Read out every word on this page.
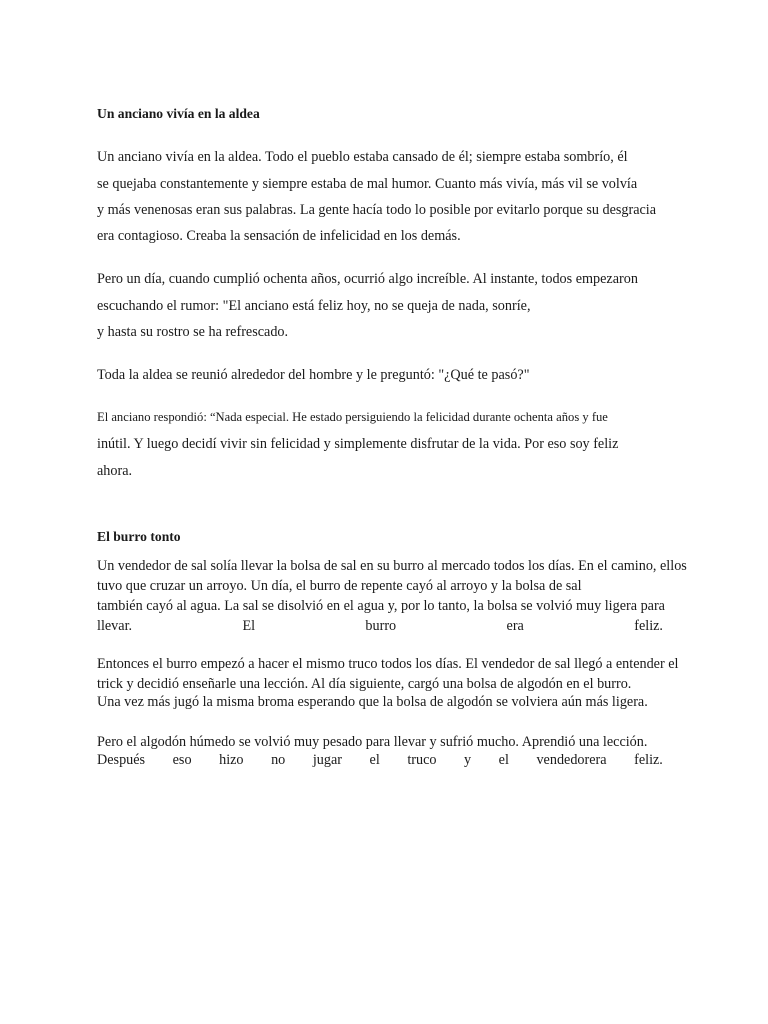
Un anciano vivía en la aldea
Un anciano vivía en la aldea. Todo el pueblo estaba cansado de él; siempre estaba sombrío, él
se quejaba constantemente y siempre estaba de mal humor. Cuanto más vivía, más vil se volvía
y más venenosas eran sus palabras. La gente hacía todo lo posible por evitarlo porque su desgracia
era contagioso. Creaba la sensación de infelicidad en los demás.
Pero un día, cuando cumplió ochenta años, ocurrió algo increíble. Al instante, todos empezaron
escuchando el rumor: "El anciano está feliz hoy, no se queja de nada, sonríe,
y hasta su rostro se ha refrescado.
Toda la aldea se reunió alrededor del hombre y le preguntó: "¿Qué te pasó?"
El anciano respondió: “Nada especial. He estado persiguiendo la felicidad durante ochenta años y fue
inútil. Y luego decidí vivir sin felicidad y simplemente disfrutar de la vida. Por eso soy feliz
ahora.
El burro tonto
Un vendedor de sal solía llevar la bolsa de sal en su burro al mercado todos los días. En el camino, ellos
tuvo que cruzar un arroyo. Un día, el burro de repente cayó al arroyo y la bolsa de sal
también cayó al agua. La sal se disolvió en el agua y, por lo tanto, la bolsa se volvió muy ligera para
llevar.	El	burro	era	feliz.
Entonces el burro empezó a hacer el mismo truco todos los días. El vendedor de sal llegó a entender el
trick y decidió enseñarle una lección. Al día siguiente, cargó una bolsa de algodón en el burro.
Una vez más jugó la misma broma esperando que la bolsa de algodón se volviera aún más ligera.
Pero el algodón húmedo se volvió muy pesado para llevar y sufrió mucho. Aprendió una lección.
Después eso hizo no jugar el truco y el vendedorera feliz.
